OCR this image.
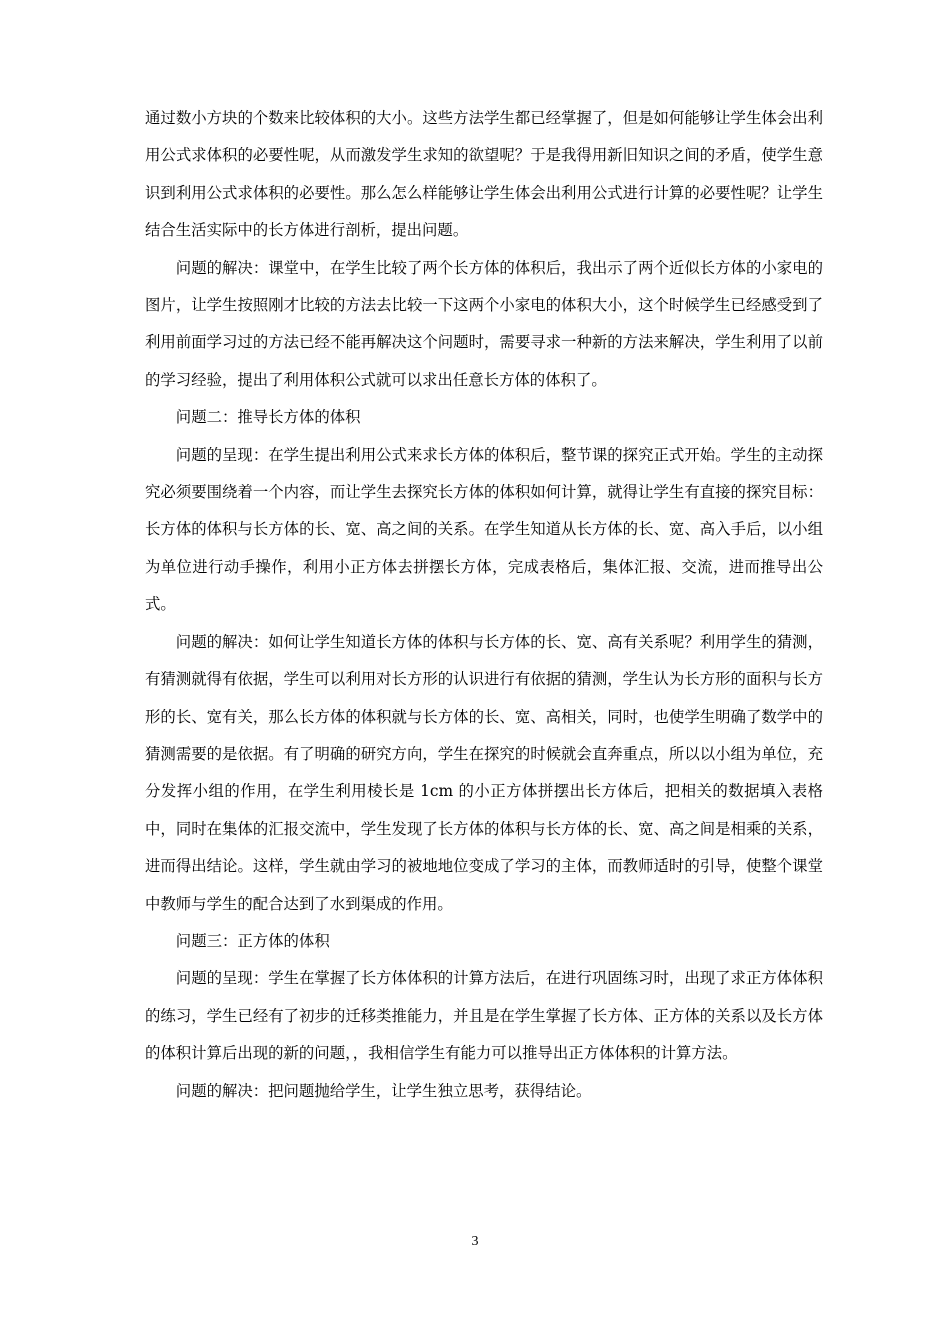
通过数小方块的个数来比较体积的大小。这些方法学生都已经掌握了，但是如何能够让学生体会出利用公式求体积的必要性呢，从而激发学生求知的欲望呢？于是我得用新旧知识之间的矛盾，使学生意识到利用公式求体积的必要性。那么怎么样能够让学生体会出利用公式进行计算的必要性呢？让学生结合生活实际中的长方体进行剖析，提出问题。

问题的解决：课堂中，在学生比较了两个长方体的体积后，我出示了两个近似长方体的小家电的图片，让学生按照刚才比较的方法去比较一下这两个小家电的体积大小，这个时候学生已经感受到了利用前面学习过的方法已经不能再解决这个问题时，需要寻求一种新的方法来解决，学生利用了以前的学习经验，提出了利用体积公式就可以求出任意长方体的体积了。

问题二：推导长方体的体积

问题的呈现：在学生提出利用公式来求长方体的体积后，整节课的探究正式开始。学生的主动探究必须要围绕着一个内容，而让学生去探究长方体的体积如何计算，就得让学生有直接的探究目标：长方体的体积与长方体的长、宽、高之间的关系。在学生知道从长方体的长、宽、高入手后，以小组为单位进行动手操作，利用小正方体去拼摆长方体，完成表格后，集体汇报、交流，进而推导出公式。

问题的解决：如何让学生知道长方体的体积与长方体的长、宽、高有关系呢？利用学生的猜测，有猜测就得有依据，学生可以利用对长方形的认识进行有依据的猜测，学生认为长方形的面积与长方形的长、宽有关，那么长方体的体积就与长方体的长、宽、高相关，同时，也使学生明确了数学中的猜测需要的是依据。有了明确的研究方向，学生在探究的时候就会直奔重点，所以以小组为单位，充分发挥小组的作用，在学生利用棱长是 1cm 的小正方体拼摆出长方体后，把相关的数据填入表格中，同时在集体的汇报交流中，学生发现了长方体的体积与长方体的长、宽、高之间是相乘的关系，进而得出结论。这样，学生就由学习的被地地位变成了学习的主体，而教师适时的引导，使整个课堂中教师与学生的配合达到了水到渠成的作用。

问题三：正方体的体积

问题的呈现：学生在掌握了长方体体积的计算方法后，在进行巩固练习时，出现了求正方体体积的练习，学生已经有了初步的迁移类推能力，并且是在学生掌握了长方体、正方体的关系以及长方体的体积计算后出现的新的问题，，我相信学生有能力可以推导出正方体体积的计算方法。

问题的解决：把问题抛给学生，让学生独立思考，获得结论。

3
